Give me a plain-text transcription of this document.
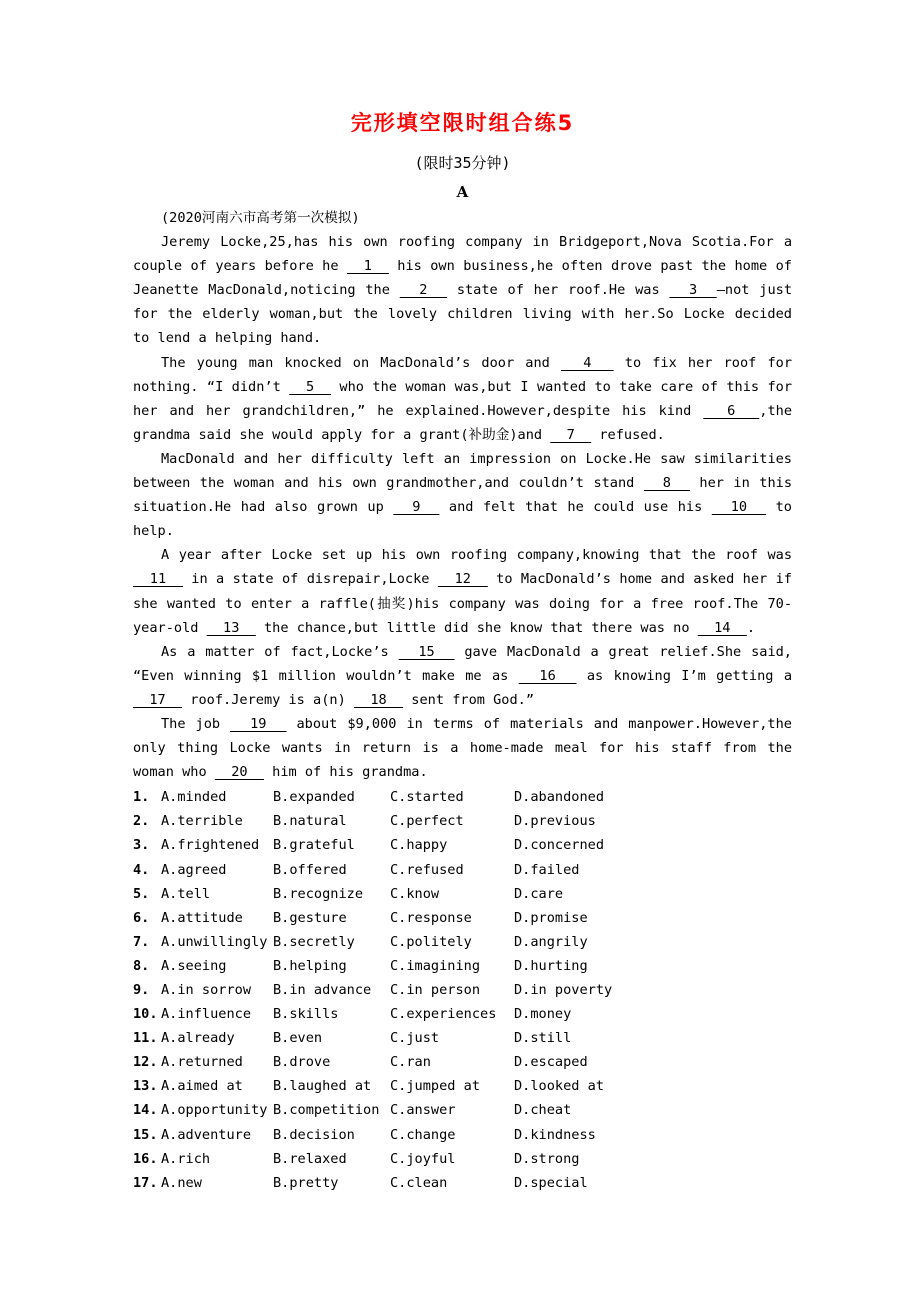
完形填空限时组合练5
(限时35分钟)
A
(2020河南六市高考第一次模拟)
Jeremy Locke,25,has his own roofing company in Bridgeport,Nova Scotia.For a couple of years before he   1   his own business,he often drove past the home of Jeanette MacDonald,noticing the   2   state of her roof.He was   3  —not just for the elderly woman,but the lovely children living with her.So Locke decided to lend a helping hand.
The young man knocked on MacDonald’s door and   4   to fix her roof for nothing. “I didn’t   5   who the woman was,but I wanted to take care of this for her and her grandchildren,” he explained.However,despite his kind   6  ,the grandma said she would apply for a grant(补助金)and   7   refused.
MacDonald and her difficulty left an impression on Locke.He saw similarities between the woman and his own grandmother,and couldn’t stand   8   her in this situation.He had also grown up   9   and felt that he could use his   10   to help.
A year after Locke set up his own roofing company,knowing that the roof was   11   in a state of disrepair,Locke   12   to MacDonald’s home and asked her if she wanted to enter a raffle(抽奖)his company was doing for a free roof.The 70-year-old   13   the chance,but little did she know that there was no   14  .
As a matter of fact,Locke’s   15   gave MacDonald a great relief.She said, “Even winning $1 million wouldn’t make me as   16   as knowing I’m getting a   17   roof.Jeremy is a(n)   18   sent from God.”
The job   19   about $9,000 in terms of materials and manpower.However,the only thing Locke wants in return is a home-made meal for his staff from the woman who   20   him of his grandma.
1. A.minded	B.expanded	C.started	D.abandoned
2. A.terrible	B.natural	C.perfect	D.previous
3. A.frightened	B.grateful	C.happy	D.concerned
4. A.agreed	B.offered	C.refused	D.failed
5. A.tell	B.recognize	C.know	D.care
6. A.attitude	B.gesture	C.response	D.promise
7. A.unwillingly B.secretly	C.politely	D.angrily
8. A.seeing	B.helping	C.imagining	D.hurting
9. A.in sorrow	B.in advance	C.in person	D.in poverty
10. A.influence	B.skills	C.experiences	D.money
11. A.already	B.even	C.just	D.still
12. A.returned	B.drove	C.ran	D.escaped
13. A.aimed at	B.laughed at	C.jumped at	D.looked at
14. A.opportunity B.competition C.answer	D.cheat
15. A.adventure	B.decision	C.change	D.kindness
16. A.rich	B.relaxed	C.joyful	D.strong
17. A.new	B.pretty	C.clean	D.special
